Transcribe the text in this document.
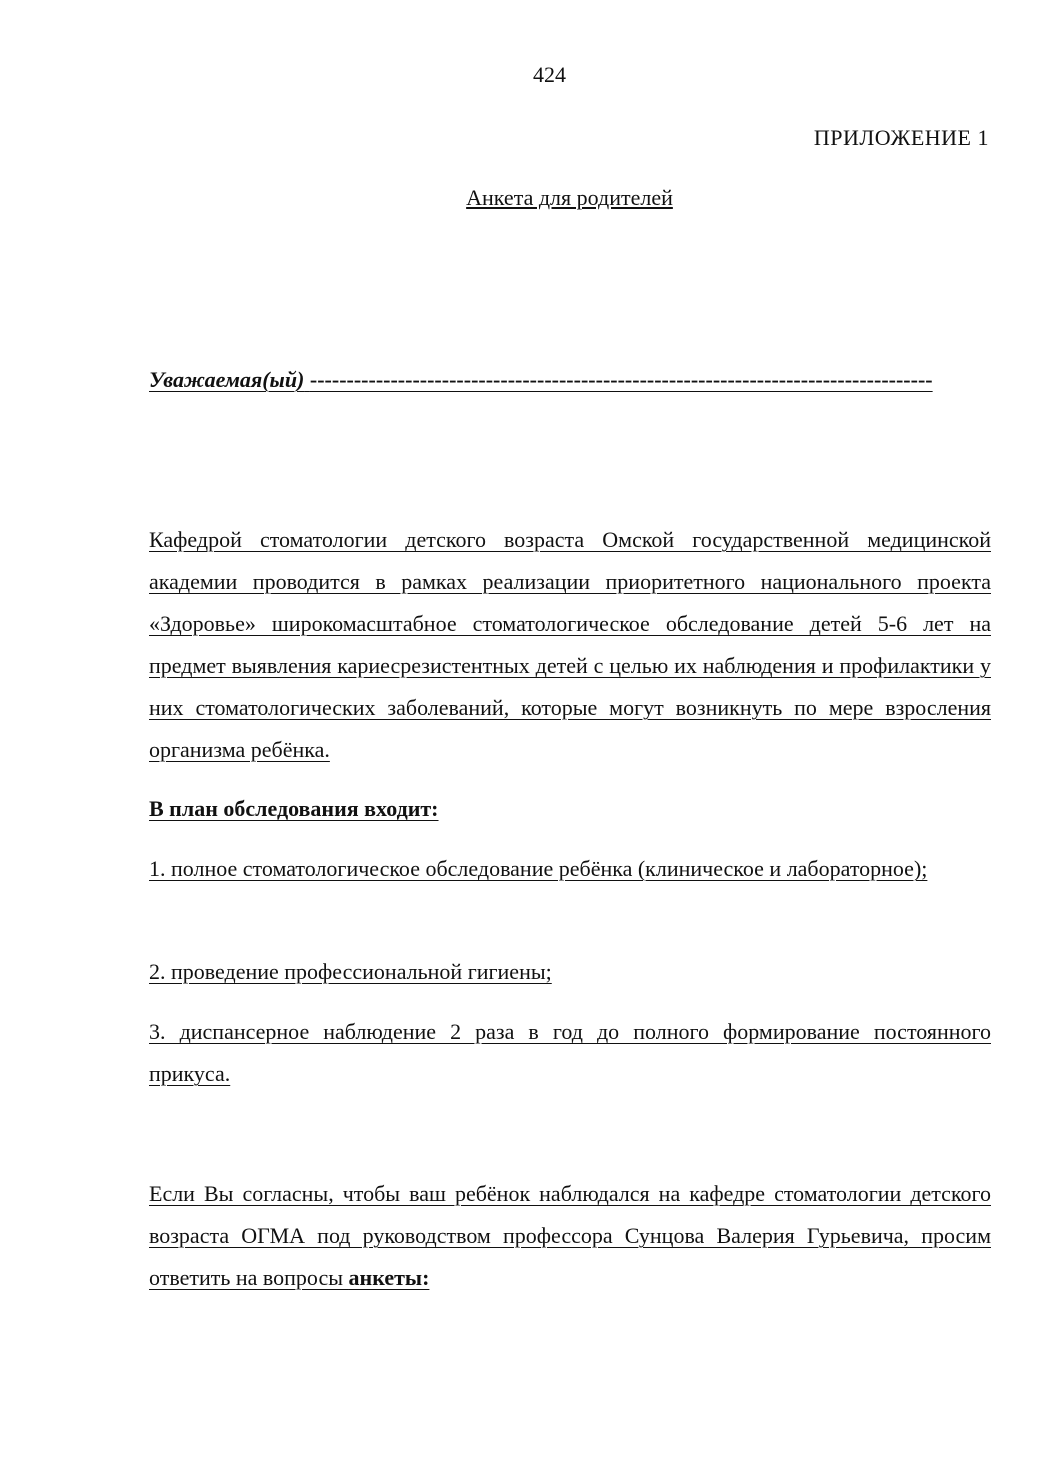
424
ПРИЛОЖЕНИЕ 1
Анкета для родителей
Уважаемая(ый) -------------------------------------------------------------------------------------
Кафедрой стоматологии детского возраста Омской государственной медицинской академии проводится в рамках реализации приоритетного национального проекта «Здоровье» широкомасштабное стоматологическое обследование детей 5-6 лет на предмет выявления кариесрезистентных детей с целью их наблюдения и профилактики у них стоматологических заболеваний, которые могут возникнуть по мере взросления организма ребёнка.
В план обследования входит:
1. полное стоматологическое обследование ребёнка (клиническое и лабораторное);
2. проведение профессиональной гигиены;
3. диспансерное наблюдение 2 раза в год до полного формирование постоянного прикуса.
Если Вы согласны, чтобы ваш ребёнок наблюдался на кафедре стоматологии детского возраста ОГМА под руководством профессора Сунцова Валерия Гурьевича, просим ответить на вопросы анкеты:
